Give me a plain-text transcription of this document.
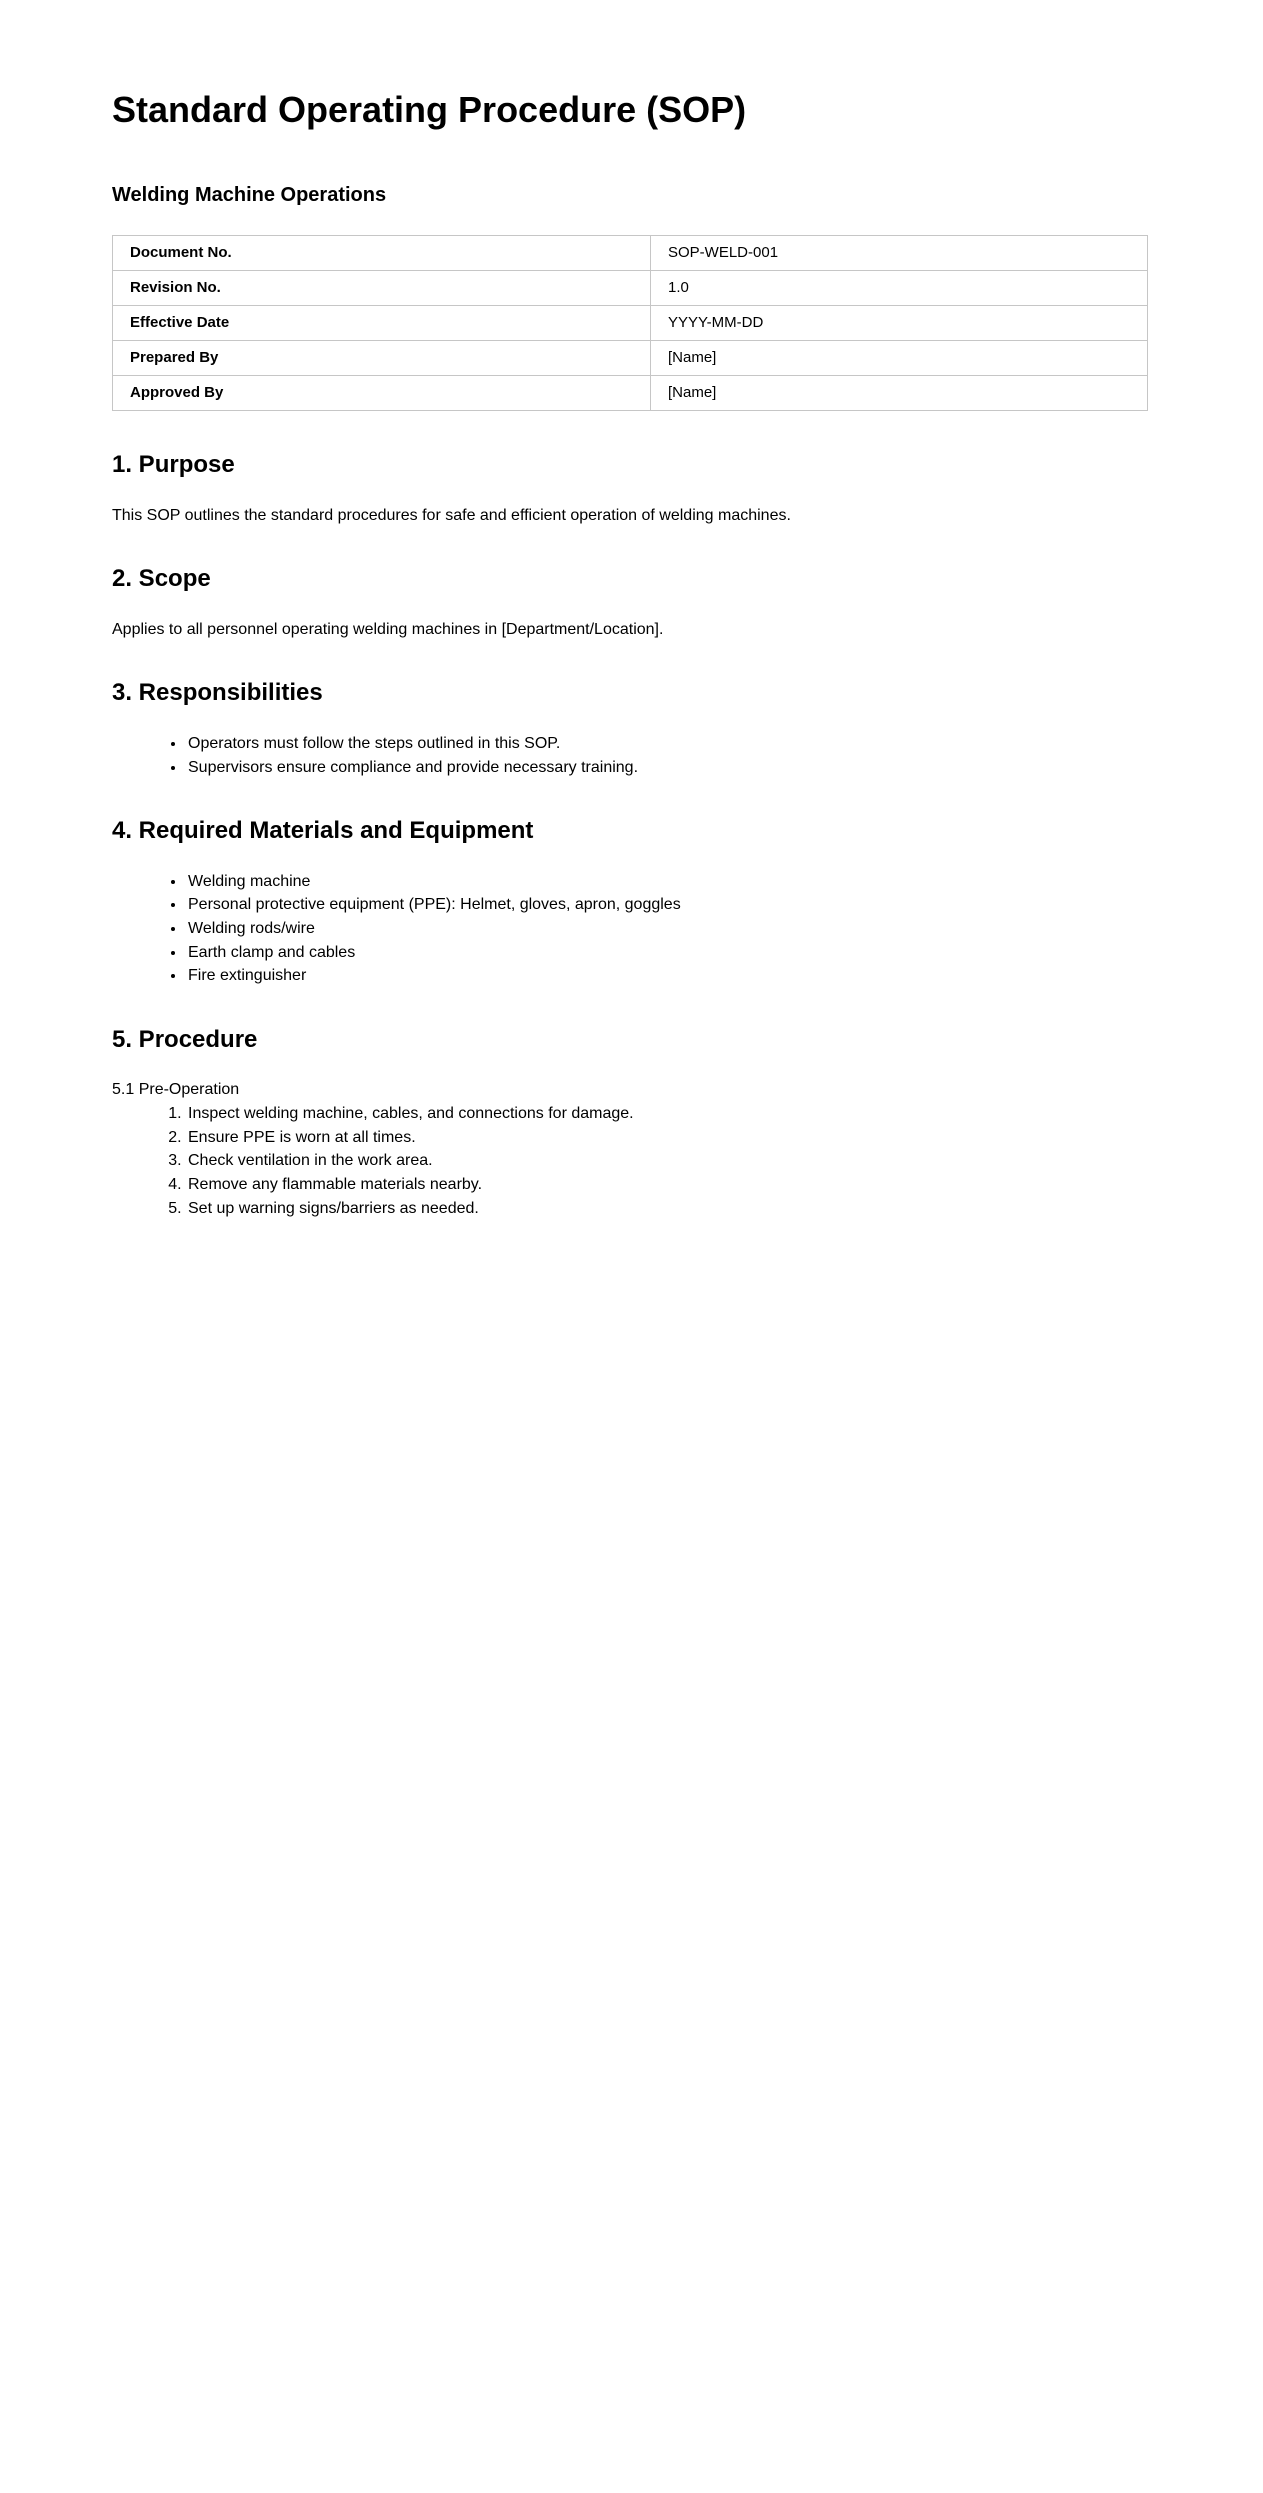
Standard Operating Procedure (SOP)
Welding Machine Operations
Document No.	SOP-WELD-001
Revision No.	1.0
Effective Date	YYYY-MM-DD
Prepared By	[Name]
Approved By	[Name]
1. Purpose

This SOP outlines the standard procedures for safe and efficient operation of welding machines.

2. Scope

Applies to all personnel operating welding machines in [Department/Location].

3. Responsibilities
• Operators must follow the steps outlined in this SOP.
• Supervisors ensure compliance and provide necessary training.
4. Required Materials and Equipment
• Welding machine
• Personal protective equipment (PPE): Helmet, gloves, apron, goggles
• Welding rods/wire
• Earth clamp and cables
• Fire extinguisher
5. Procedure

5.1 Pre-Operation

1. Inspect welding machine, cables, and connections for damage.
2. Ensure PPE is worn at all times.
3. Check ventilation in the work area.
4. Remove any flammable materials nearby.
5. Set up warning signs/barriers as needed.
